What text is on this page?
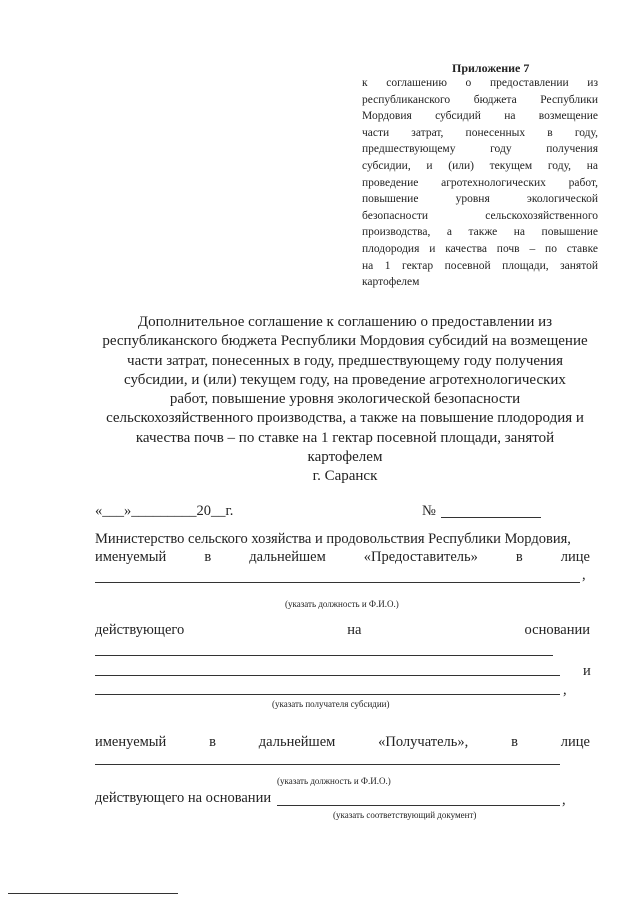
Приложение 7
к соглашению о предоставлении из
республиканского бюджета Республики
Мордовия субсидий на возмещение
части затрат, понесенных в году,
предшествующему году получения
субсидии, и (или) текущем году, на
проведение агротехнологических работ,
повышение уровня экологической
безопасности сельскохозяйственного
производства, а также на повышение
плодородия и качества почв – по ставке
на 1 гектар посевной площади, занятой
картофелем
Дополнительное соглашение к соглашению о предоставлении из
республиканского бюджета Республики Мордовия субсидий на возмещение
части затрат, понесенных в году, предшествующему году получения
субсидии, и (или) текущем году, на проведение агротехнологических
работ, повышение уровня экологической безопасности
сельскохозяйственного производства, а также на повышение плодородия и
качества почв – по ставке на 1 гектар посевной площади, занятой
картофелем
г. Саранск
«___»_________20__г.	№
Министерство сельского хозяйства и продовольствия Республики Мордовия,
именуемый	в	дальнейшем	«Предоставитель»	в	лице
,
(указать должность и Ф.И.О.)
действующего	на	основании
и
,
(указать получателя субсидии)
именуемый	в	дальнейшем	«Получатель»,	в	лице
(указать должность и Ф.И.О.)
действующего на основании	,
(указать соответствующий документ)
